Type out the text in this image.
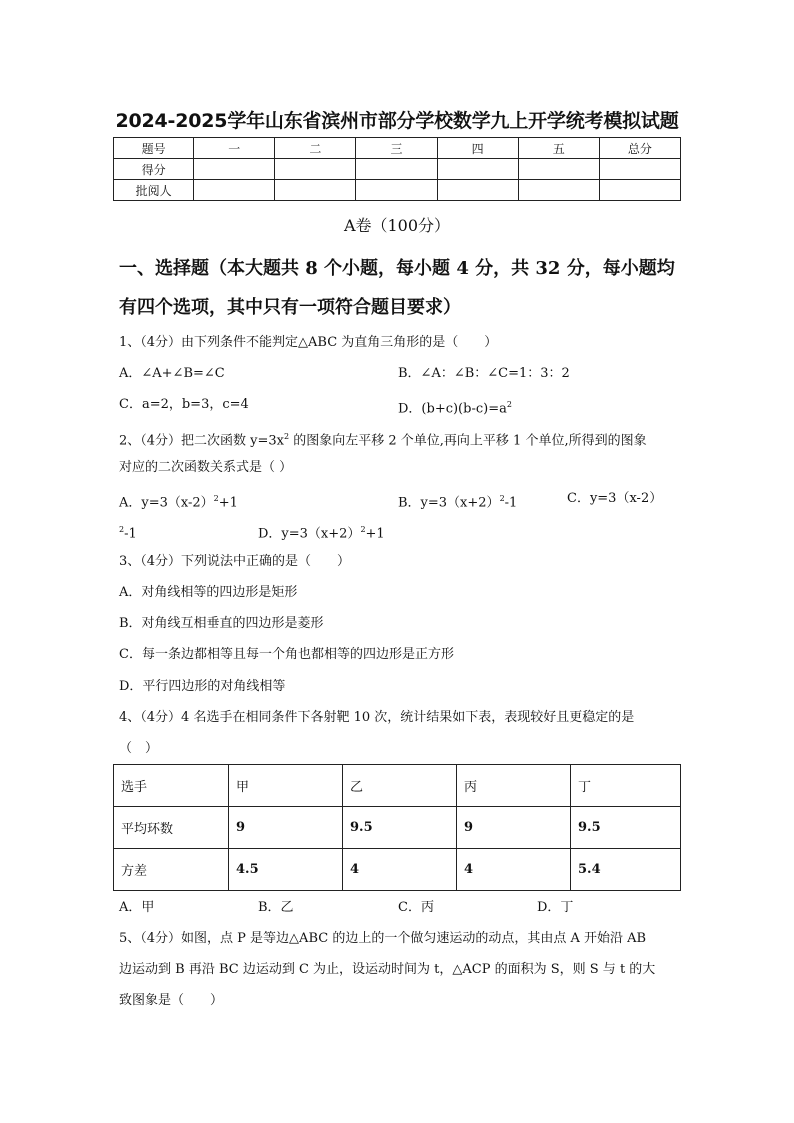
2024-2025学年山东省滨州市部分学校数学九上开学统考模拟试题
题号	一	二	三	四	五	总分
得分						
批阅人						
A卷（100分）
一、选择题（本大题共 8 个小题，每小题 4 分，共 32 分，每小题均
有四个选项，其中只有一项符合题目要求）
1、（4分）由下列条件不能判定△ABC 为直角三角形的是（　　）
A．∠A+∠B=∠C	B．∠A：∠B：∠C=1：3：2
C．a=2，b=3，c=4	D．$(b+c)(b-c)=a^2$
2、（4分）把二次函数 $y=3x^2$ 的图象向左平移 2 个单位,再向上平移 1 个单位,所得到的图象
对应的二次函数关系式是（ ）
A．$y=3(x-2)^2+1$	B．$y=3(x+2)^2-1$	C．y=3（x-2）
$^2$-1	D．$y=3(x+2)^2+1$
3、（4分）下列说法中正确的是（　　）
A．对角线相等的四边形是矩形
B．对角线互相垂直的四边形是菱形
C．每一条边都相等且每一个角也都相等的四边形是正方形
D．平行四边形的对角线相等
4、（4分）4 名选手在相同条件下各射靶 10 次，统计结果如下表，表现较好且更稳定的是
（　）
选手	甲	乙	丙	丁
平均环数	9	9.5	9	9.5
方差	4.5	4	4	5.4
A．甲	B．乙	C．丙	D．丁
5、（4分）如图，点 P 是等边△ABC 的边上的一个做匀速运动的动点，其由点 A 开始沿 AB
边运动到 B 再沿 BC 边运动到 C 为止，设运动时间为 t，△ACP 的面积为 S，则 S 与 t 的大
致图象是（　　）
